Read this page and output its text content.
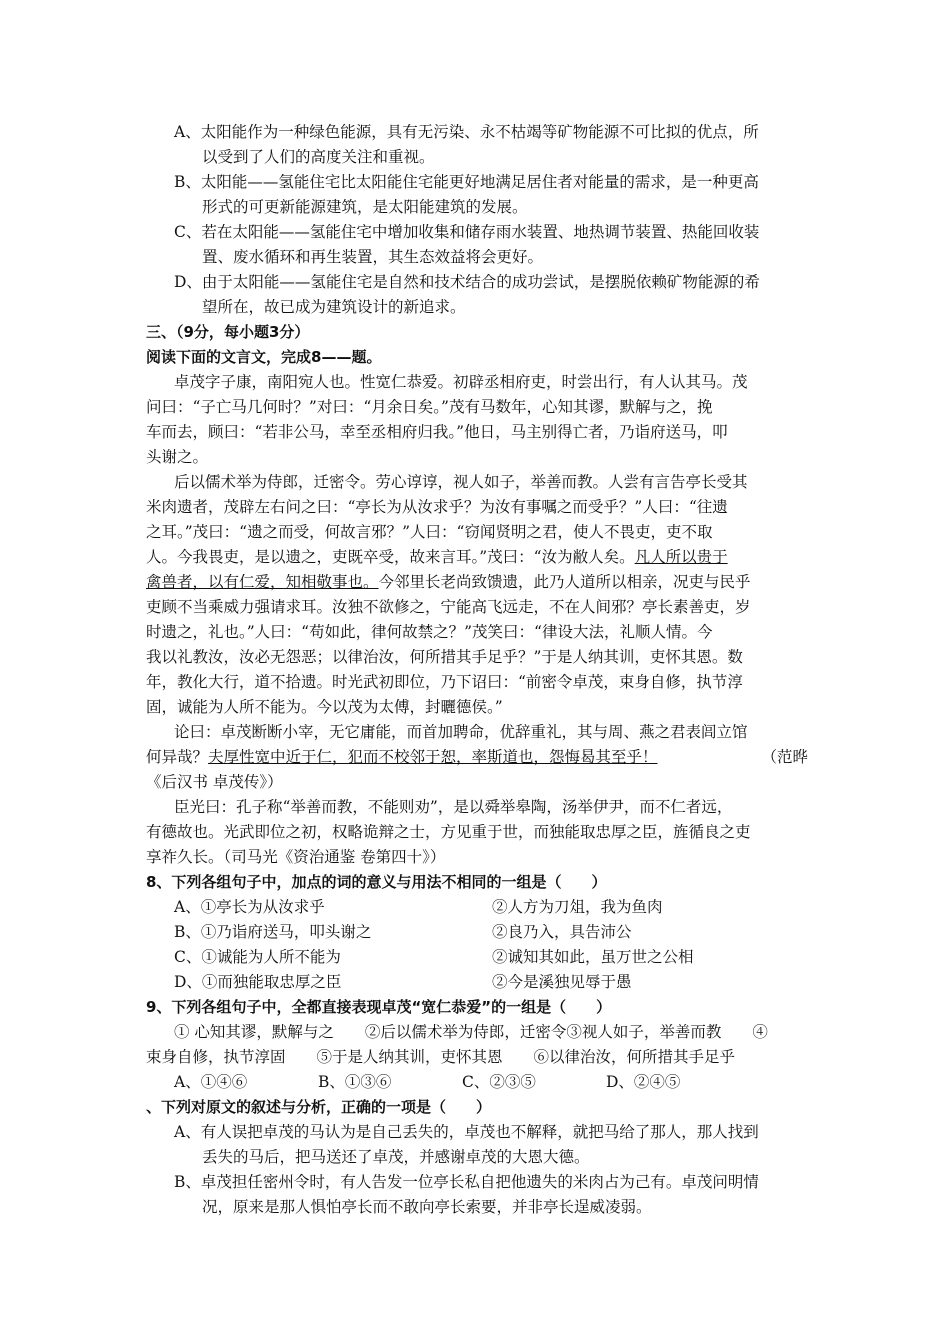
A、太阳能作为一种绿色能源，具有无污染、永不枯竭等矿物能源不可比拟的优点，所
以受到了人们的高度关注和重视。
B、太阳能——氢能住宅比太阳能住宅能更好地满足居住者对能量的需求，是一种更高
形式的可更新能源建筑，是太阳能建筑的发展。
C、若在太阳能——氢能住宅中增加收集和储存雨水装置、地热调节装置、热能回收装
置、废水循环和再生装置，其生态效益将会更好。
D、由于太阳能——氢能住宅是自然和技术结合的成功尝试，是摆脱依赖矿物能源的希
望所在，故已成为建筑设计的新追求。
三、（9分，每小题3分）
阅读下面的文言文，完成8——题。
卓茂字子康，南阳宛人也。性宽仁恭爱。初辟丞相府吏，时尝出行，有人认其马。茂
问曰：“子亡马几何时？”对曰：“月余日矣。”茂有马数年，心知其谬，默解与之，挽
车而去，顾曰：“若非公马，幸至丞相府归我。”他日，马主别得亡者，乃诣府送马，叩
头谢之。
后以儒术举为侍郎，迁密令。劳心谆谆，视人如子，举善而教。人尝有言告亭长受其
米肉遗者，茂辟左右问之曰：“亭长为从汝求乎？为汝有事嘱之而受乎？”人曰：“往遗
之耳。”茂曰：“遗之而受，何故言邪？”人曰：“窃闻贤明之君，使人不畏吏，吏不取
人。今我畏吏，是以遗之，吏既卒受，故来言耳。”茂曰：“汝为敝人矣。凡人所以贵于
禽兽者，以有仁爱，知相敬事也。今邻里长老尚致馈遗，此乃人道所以相亲，况吏与民乎
吏顾不当乘威力强请求耳。汝独不欲修之，宁能高飞远走，不在人间邪？亭长素善吏，岁
时遗之，礼也。”人曰：“苟如此，律何故禁之？”茂笑曰：“律设大法，礼顺人情。今
我以礼教汝，汝必无怨恶；以律治汝，何所措其手足乎？”于是人纳其训，吏怀其恩。数
年，教化大行，道不拾遗。时光武初即位，乃下诏曰：“前密令卓茂，束身自修，执节淳
固，诚能为人所不能为。今以茂为太傅，封曬德侯。”
论曰：卓茂断断小宰，无它庸能，而首加聘命，优辞重礼，其与周、燕之君表闾立馆
何异哉？夫厚性宽中近于仁，犯而不校邻于恕，率斯道也，怨悔曷其至乎！	（范晔
《后汉书 卓茂传》）
臣光曰：孔子称“举善而教，不能则劝”，是以舜举皋陶，汤举伊尹，而不仁者远，
有德故也。光武即位之初，权略诡辩之士，方见重于世，而独能取忠厚之臣，旌循良之吏
享祚久长。（司马光《资治通鉴 卷第四十》）
8、下列各组句子中，加点的词的意义与用法不相同的一组是（　　）
A、①亭长为从汝求乎	②人方为刀俎，我为鱼肉
B、①乃诣府送马，叩头谢之	②良乃入，具告沛公
C、①诚能为人所不能为	②诚知其如此，虽万世之公相
D、①而独能取忠厚之臣	②今是溪独见辱于愚
9、下列各组句子中，全都直接表现卓茂“宽仁恭爱”的一组是（　　）
① 心知其谬，默解与之　　②后以儒术举为侍郎，迁密令③视人如子，举善而教　　④
束身自修，执节淳固　　⑤于是人纳其训，吏怀其恩　　⑥以律治汝，何所措其手足乎
A、①④⑥	B、①③⑥	C、②③⑤	D、②④⑤
、下列对原文的叙述与分析，正确的一项是（　　）
A、有人误把卓茂的马认为是自己丢失的，卓茂也不解释，就把马给了那人，那人找到
丢失的马后，把马送还了卓茂，并感谢卓茂的大恩大德。
B、卓茂担任密州令时，有人告发一位亭长私自把他遗失的米肉占为己有。卓茂问明情
况，原来是那人惧怕亭长而不敢向亭长索要，并非亭长逞威凌弱。
